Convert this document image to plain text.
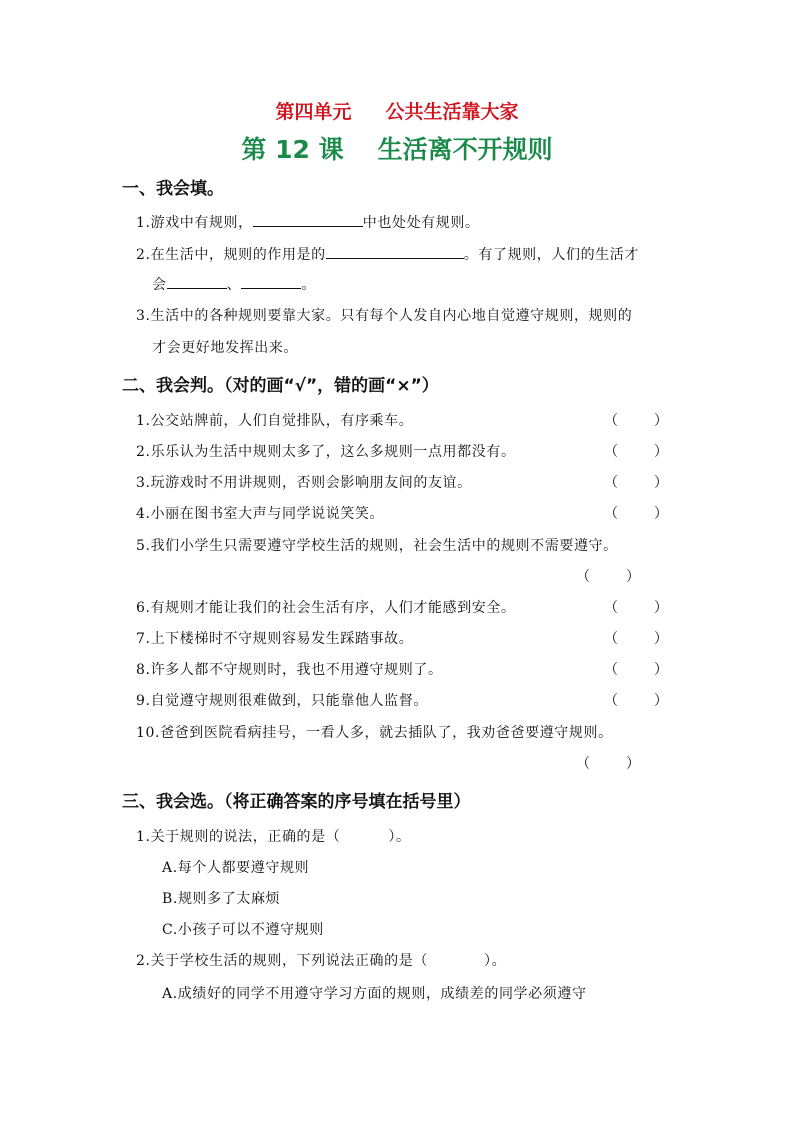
第四单元 公共生活靠大家
第 12 课 生活离不开规则
一、我会填。
1.游戏中有规则，	中也处处有规则。
2.在生活中，规则的作用是的	。有了规则，人们的生活才
会	、	。
3.生活中的各种规则要靠大家。只有每个人发自内心地自觉遵守规则，规则的
才会更好地发挥出来。
二、我会判。（对的画“√”，错的画“×”）
1.公交站牌前，人们自觉排队，有序乘车。	（	）
2.乐乐认为生活中规则太多了，这么多规则一点用都没有。	（	）
3.玩游戏时不用讲规则，否则会影响朋友间的友谊。	（	）
4.小丽在图书室大声与同学说说笑笑。	（	）
5.我们小学生只需要遵守学校生活的规则，社会生活中的规则不需要遵守。
（	）
6.有规则才能让我们的社会生活有序，人们才能感到安全。	（	）
7.上下楼梯时不守规则容易发生踩踏事故。	（	）
8.许多人都不守规则时，我也不用遵守规则了。	（	）
9.自觉遵守规则很难做到，只能靠他人监督。	（	）
10.爸爸到医院看病挂号，一看人多，就去插队了，我劝爸爸要遵守规则。
（	）
三、我会选。（将正确答案的序号填在括号里）
1.关于规则的说法，正确的是（	）。
A.每个人都要遵守规则
B.规则多了太麻烦
C.小孩子可以不遵守规则
2.关于学校生活的规则，下列说法正确的是（	）。
A.成绩好的同学不用遵守学习方面的规则，成绩差的同学必须遵守
